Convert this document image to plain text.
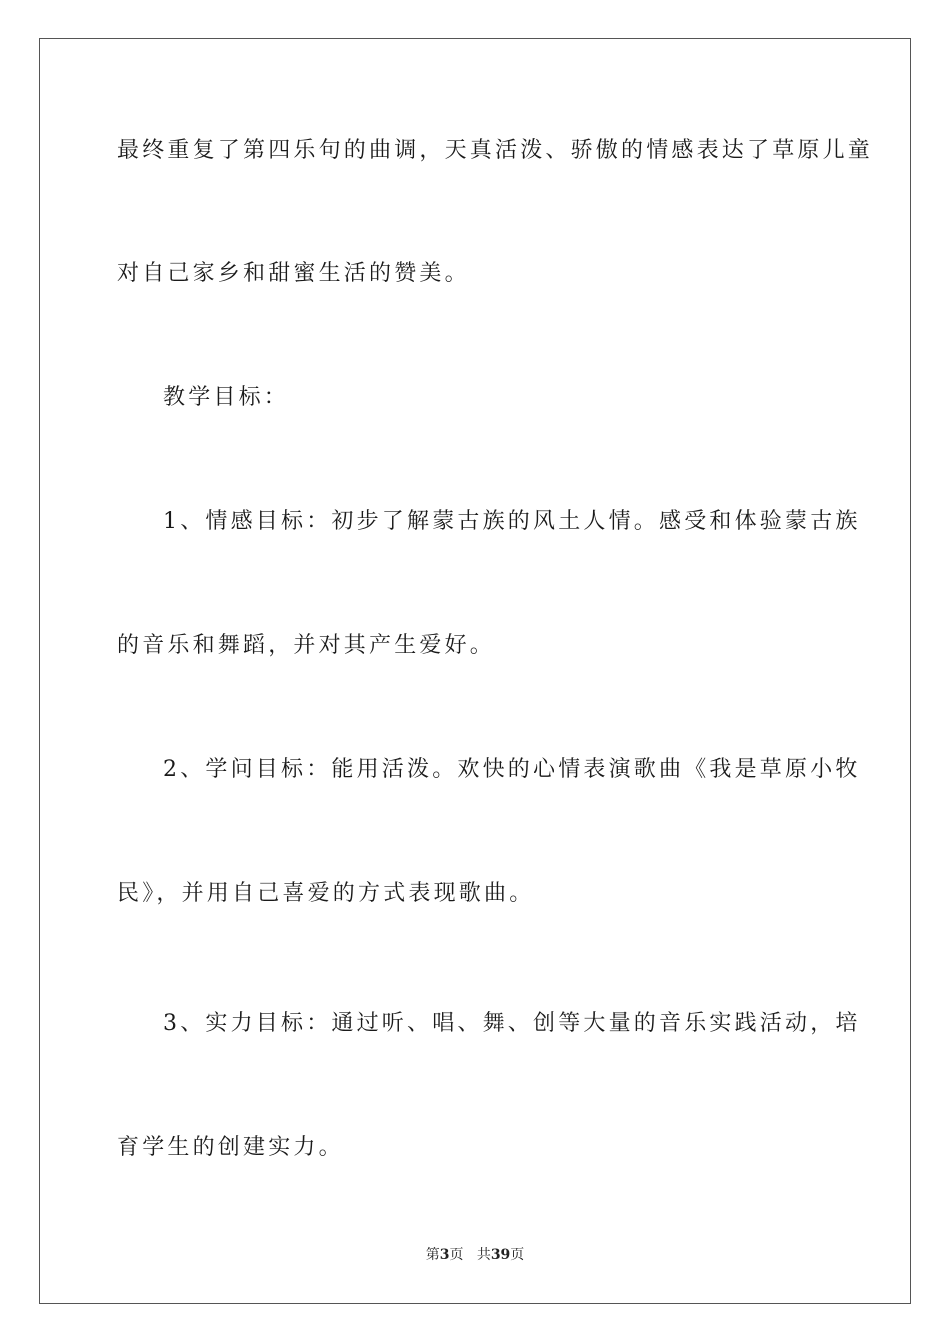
最终重复了第四乐句的曲调，天真活泼、骄傲的情感表达了草原儿童

对自己家乡和甜蜜生活的赞美。

教学目标：

1、情感目标：初步了解蒙古族的风土人情。感受和体验蒙古族

的音乐和舞蹈，并对其产生爱好。

2、学问目标：能用活泼。欢快的心情表演歌曲《我是草原小牧

民》，并用自己喜爱的方式表现歌曲。

3、实力目标：通过听、唱、舞、创等大量的音乐实践活动，培

育学生的创建实力。

第3页 共39页
